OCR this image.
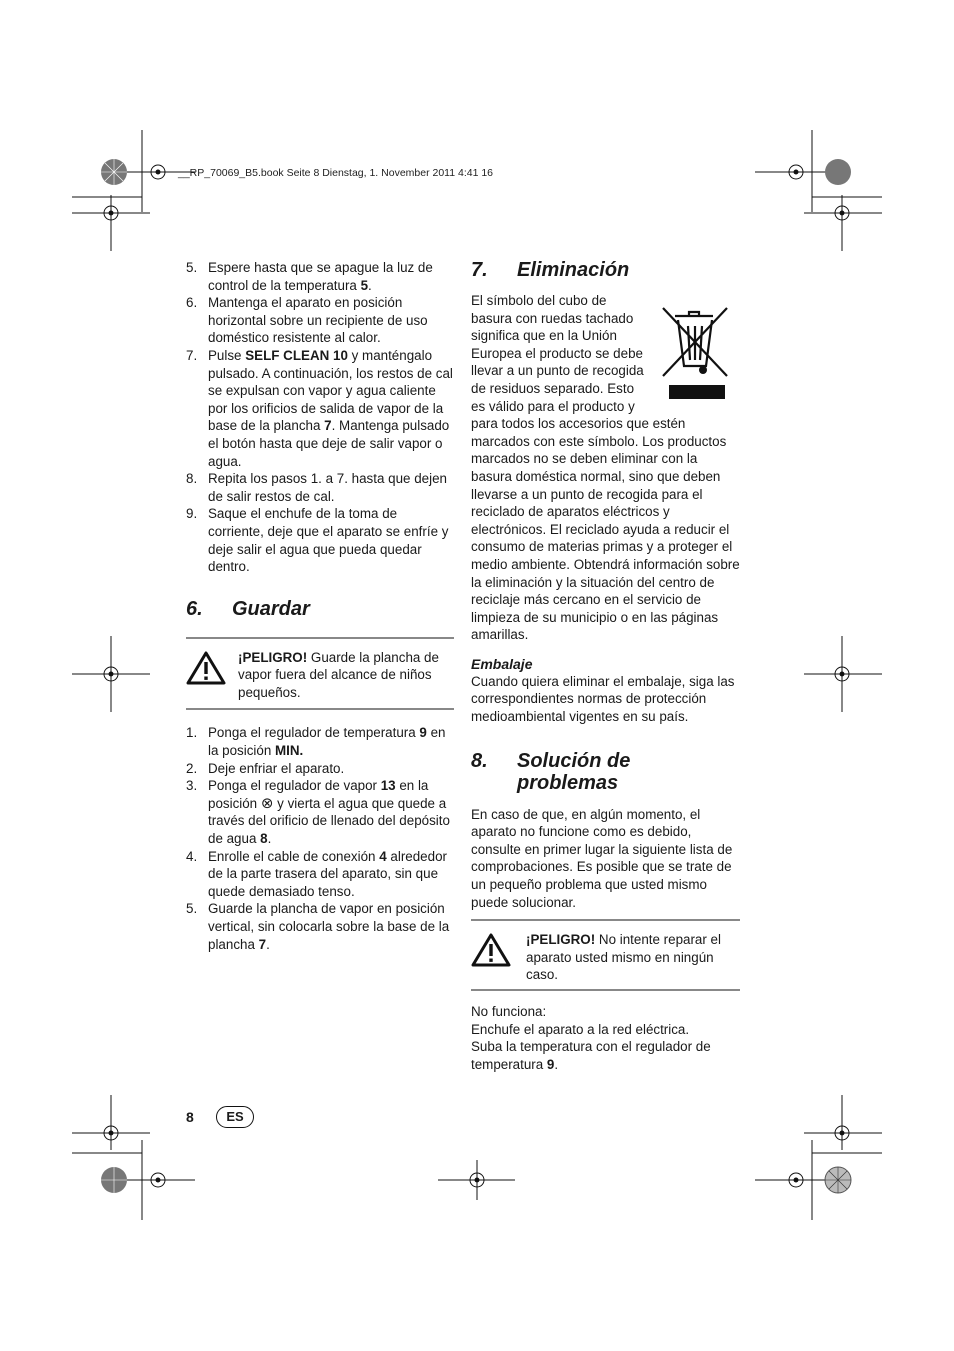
__RP_70069_B5.book Seite 8 Dienstag, 1. November 2011 4:41 16
5. Espere hasta que se apague la luz de control de la temperatura 5.
6. Mantenga el aparato en posición horizontal sobre un recipiente de uso doméstico resistente al calor.
7. Pulse SELF CLEAN 10 y manténgalo pulsado. A continuación, los restos de cal se expulsan con vapor y agua caliente por los orificios de salida de vapor de la base de la plancha 7. Mantenga pulsado el botón hasta que deje de salir vapor o agua.
8. Repita los pasos 1. a 7. hasta que dejen de salir restos de cal.
9. Saque el enchufe de la toma de corriente, deje que el aparato se enfríe y deje salir el agua que pueda quedar dentro.
6.	Guardar
¡PELIGRO! Guarde la plancha de vapor fuera del alcance de niños pequeños.
1. Ponga el regulador de temperatura 9 en la posición MIN.
2. Deje enfriar el aparato.
3. Ponga el regulador de vapor 13 en la posición ⊗ y vierta el agua que quede a través del orificio de llenado del depósito de agua 8.
4. Enrolle el cable de conexión 4 alrededor de la parte trasera del aparato, sin que quede demasiado tenso.
5. Guarde la plancha de vapor en posición vertical, sin colocarla sobre la base de la plancha 7.
7.	Eliminación

El símbolo del cubo de basura con ruedas tachado significa que en la Unión Europea el producto se debe llevar a un punto de recogida de residuos separado. Esto es válido para el producto y para todos los accesorios que estén marcados con este símbolo. Los productos marcados no se deben eliminar con la basura doméstica normal, sino que deben llevarse a un punto de recogida para el reciclado de aparatos eléctricos y electrónicos. El reciclado ayuda a reducir el consumo de materias primas y a proteger el medio ambiente. Obtendrá información sobre la eliminación y la situación del centro de reciclaje más cercano en el servicio de limpieza de su municipio o en las páginas amarillas.

Embalaje

Cuando quiera eliminar el embalaje, siga las correspondientes normas de protección medioambiental vigentes en su país.

8.	Solución de
problemas

En caso de que, en algún momento, el aparato no funcione como es debido, consulte en primer lugar la siguiente lista de comprobaciones. Es posible que se trate de un pequeño problema que usted mismo puede solucionar.

¡PELIGRO! No intente reparar el aparato usted mismo en ningún caso.

No funciona:

Enchufe el aparato a la red eléctrica.

Suba la temperatura con el regulador de temperatura 9.

8	ES
